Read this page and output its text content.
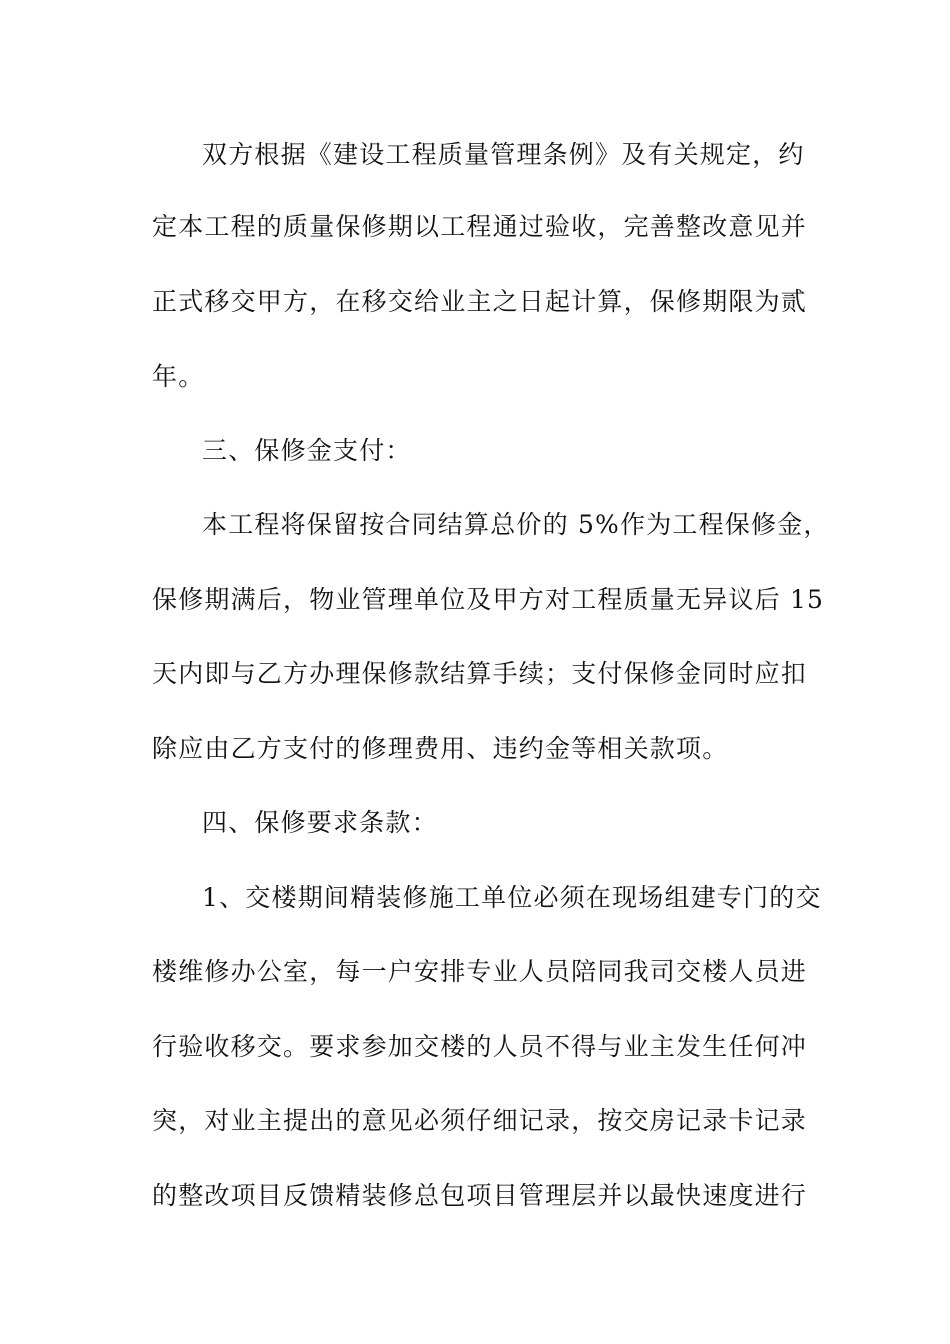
双方根据《建设工程质量管理条例》及有关规定，约
定本工程的质量保修期以工程通过验收，完善整改意见并
正式移交甲方，在移交给业主之日起计算，保修期限为贰
年。
三、保修金支付：
本工程将保留按合同结算总价的 5%作为工程保修金，
保修期满后，物业管理单位及甲方对工程质量无异议后 15
天内即与乙方办理保修款结算手续；支付保修金同时应扣
除应由乙方支付的修理费用、违约金等相关款项。
四、保修要求条款：
1、交楼期间精装修施工单位必须在现场组建专门的交
楼维修办公室，每一户安排专业人员陪同我司交楼人员进
行验收移交。要求参加交楼的人员不得与业主发生任何冲
突，对业主提出的意见必须仔细记录，按交房记录卡记录
的整改项目反馈精装修总包项目管理层并以最快速度进行
